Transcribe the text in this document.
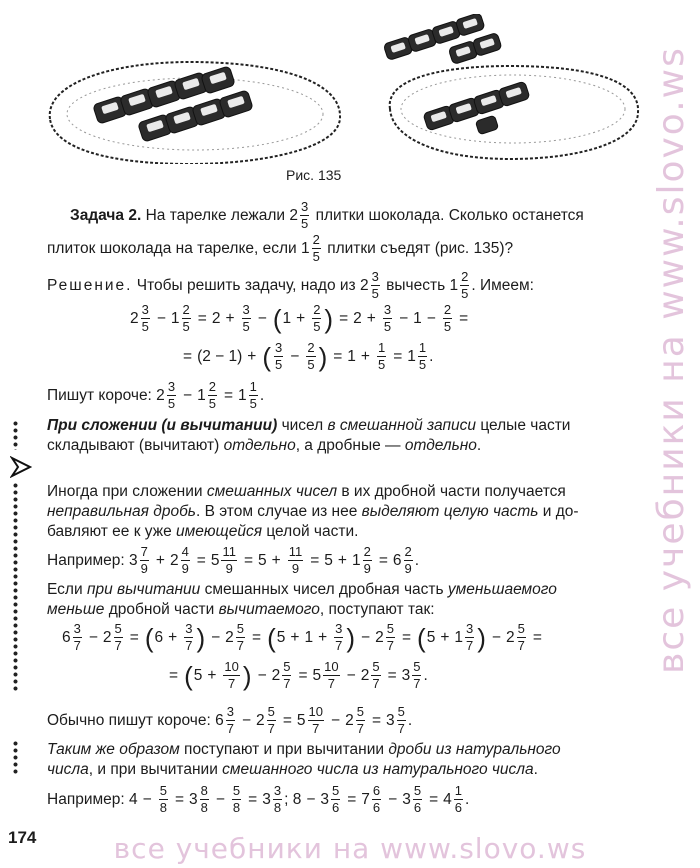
Рис. 135
Задача 2.
На тарелке лежали
$2 \frac{3}{5}$
плитки шоколада. Сколько останется
плиток шоколада на тарелке, если
$1 \frac{2}{5}$
плитки съедят (рис. 135)?
Решение.
Чтобы решить задачу, надо из
$2 \frac{3}{5}$
вычесть
$1 \frac{2}{5}$ . Имеем:
$2 \frac{3}{5} - 1 \frac{2}{5} = 2 + \frac{3}{5}$ − ( $1 + \frac{2}{5}$ ) = $2 + \frac{3}{5} - 1 - \frac{2}{5}$ =
= (2 − 1) + ( $\frac{3}{5} - \frac{2}{5}$ ) = $1 + \frac{1}{5} = 1 \frac{1}{5}$ .
Пишут короче: $2 \frac{3}{5} - 1 \frac{2}{5} = 1 \frac{1}{5}$ .
При сложении (и вычитании) чисел в смешанной записи целые части
складывают (вычитают) отдельно, а дробные — отдельно.
Иногда при сложении смешанных чисел в их дробной части получается
неправильная дробь. В этом случае из нее выделяют целую часть и до-
бавляют ее к уже имеющейся целой части.
Например: $3 \frac{7}{9} + 2 \frac{4}{9} = 5 \frac{11}{9} = 5 + \frac{11}{9} = 5 + 1 \frac{2}{9} = 6 \frac{2}{9}$ .
Если при вычитании смешанных чисел дробная часть уменьшаемого
меньше дробной части вычитаемого, поступают так:
$6 \frac{3}{7} - 2 \frac{5}{7}$ = ( $6 + \frac{3}{7}$ ) − $2 \frac{5}{7}$ = ( $5 + 1 + \frac{3}{7}$ ) − $2 \frac{5}{7}$ = ( $5 + 1 \frac{3}{7}$ ) − $2 \frac{5}{7}$ =
= ( $5 + \frac{10}{7}$ ) − $2 \frac{5}{7} = 5 \frac{10}{7} - 2 \frac{5}{7} = 3 \frac{5}{7}$ .
Обычно пишут короче: $6 \frac{3}{7} - 2 \frac{5}{7} = 5 \frac{10}{7} - 2 \frac{5}{7} = 3 \frac{5}{7}$ .
Таким же образом поступают и при вычитании дроби из натурального
числа, и при вычитании смешанного числа из натурального числа.
Например: $4 - \frac{5}{8} = 3 \frac{8}{8} - \frac{5}{8} = 3 \frac{3}{8}$ ; $8 - 3 \frac{5}{6} = 7 \frac{6}{6} - 3 \frac{5}{6} = 4 \frac{1}{6}$ .
174
все учебники на www.slovo.ws
все учебники на www.slovo.ws
